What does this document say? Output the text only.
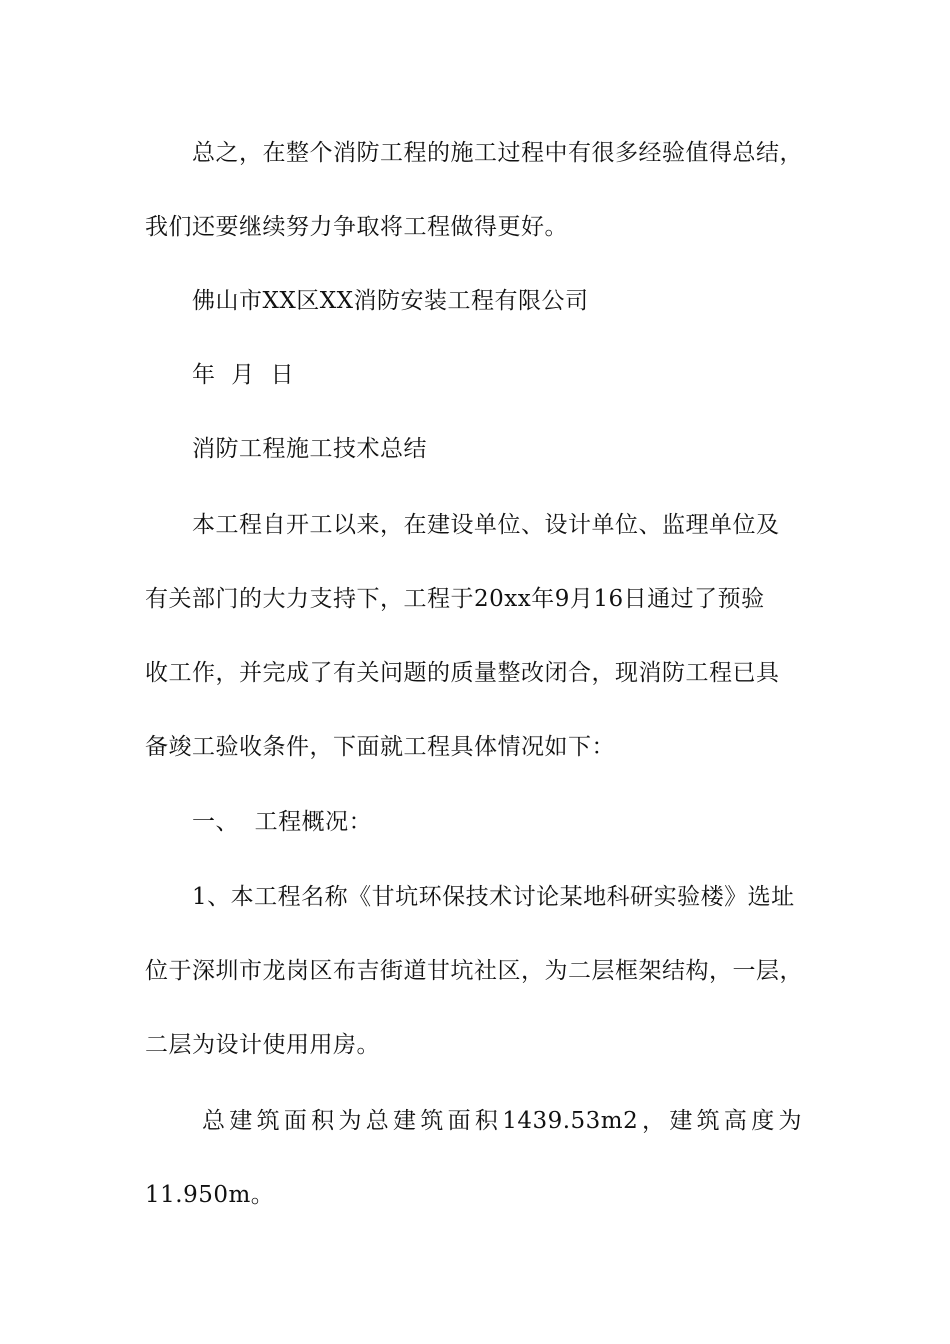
总之，在整个消防工程的施工过程中有很多经验值得总结，
我们还要继续努力争取将工程做得更好。
佛山市XX区XX消防安装工程有限公司
年 月 日
消防工程施工技术总结
本工程自开工以来，在建设单位、设计单位、监理单位及
有关部门的大力支持下，工程于20xx年9月16日通过了预验
收工作，并完成了有关问题的质量整改闭合，现消防工程已具
备竣工验收条件，下面就工程具体情况如下：
一、  工程概况：
1、本工程名称《甘坑环保技术讨论某地科研实验楼》选址
位于深圳市龙岗区布吉街道甘坑社区，为二层框架结构，一层，
二层为设计使用用房。
总建筑面积为总建筑面积1439.53m2，建筑高度为
11.950m。
